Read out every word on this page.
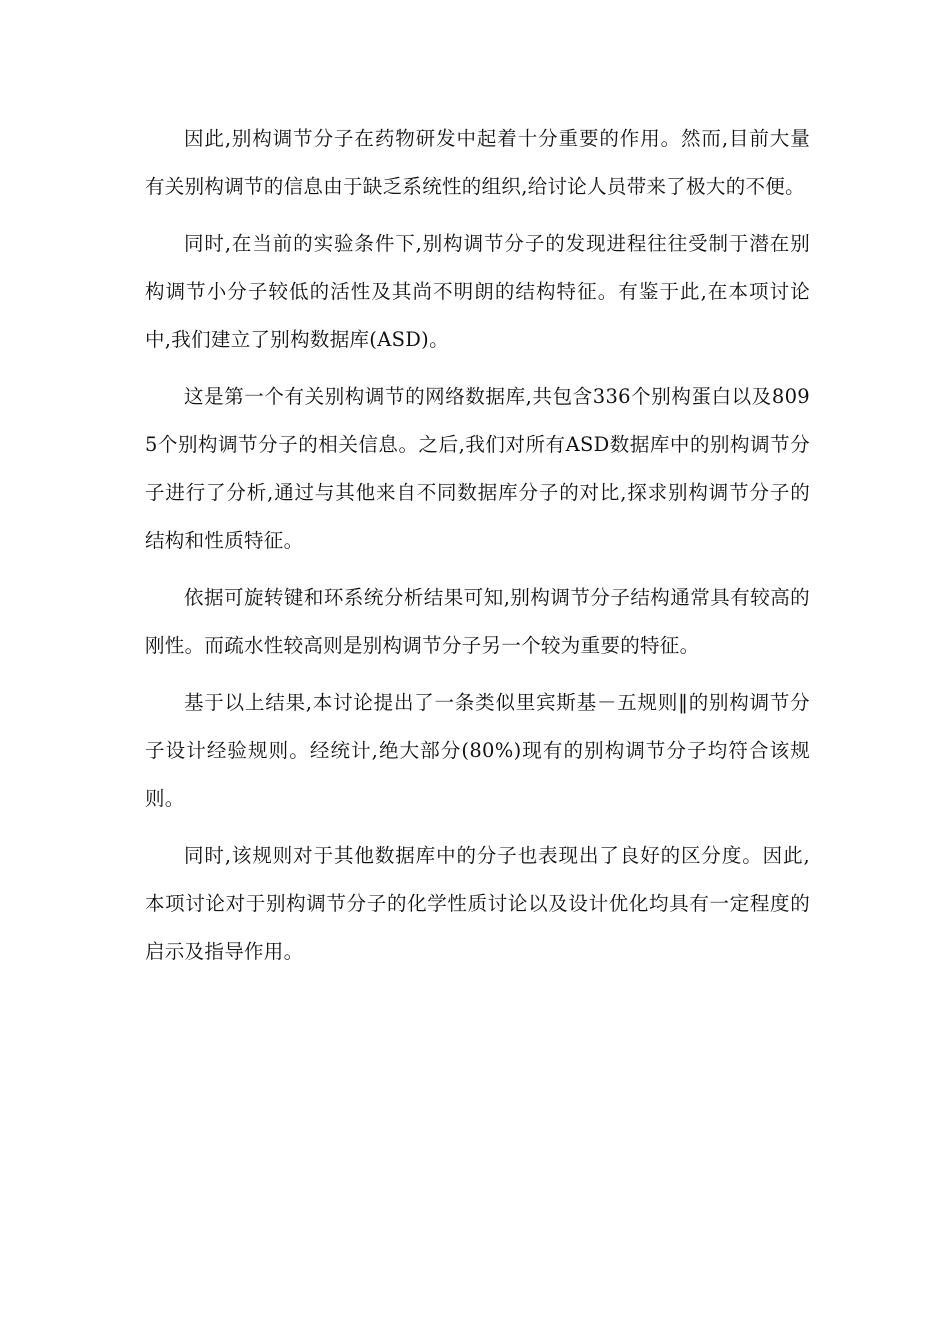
因此,别构调节分子在药物研发中起着十分重要的作用。然而,目前大量有关别构调节的信息由于缺乏系统性的组织,给讨论人员带来了极大的不便。

同时,在当前的实验条件下,别构调节分子的发现进程往往受制于潜在别构调节小分子较低的活性及其尚不明朗的结构特征。有鉴于此,在本项讨论中,我们建立了别构数据库(ASD)。

这是第一个有关别构调节的网络数据库,共包含336个别构蛋白以及8095个别构调节分子的相关信息。之后,我们对所有ASD数据库中的别构调节分子进行了分析,通过与其他来自不同数据库分子的对比,探求别构调节分子的结构和性质特征。

依据可旋转键和环系统分析结果可知,别构调节分子结构通常具有较高的刚性。而疏水性较高则是别构调节分子另一个较为重要的特征。

基于以上结果,本讨论提出了一条类似里宾斯基－五规则‖的别构调节分子设计经验规则。经统计,绝大部分(80%)现有的别构调节分子均符合该规则。

同时,该规则对于其他数据库中的分子也表现出了良好的区分度。因此,本项讨论对于别构调节分子的化学性质讨论以及设计优化均具有一定程度的启示及指导作用。
